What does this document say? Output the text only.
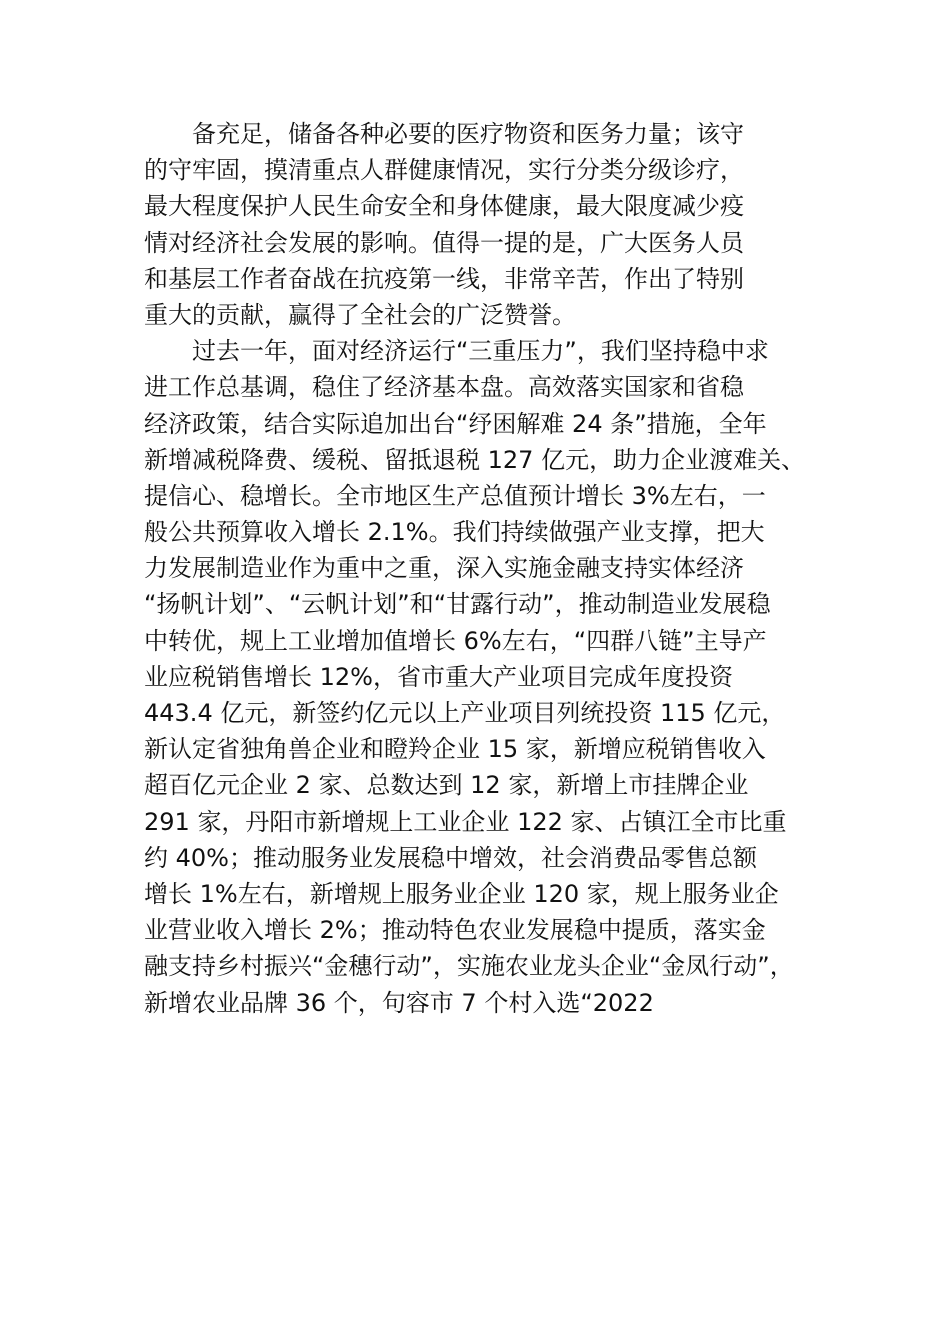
备充足，储备各种必要的医疗物资和医务力量；该守
的守牢固，摸清重点人群健康情况，实行分类分级诊疗，
最大程度保护人民生命安全和身体健康，最大限度减少疫
情对经济社会发展的影响。值得一提的是，广大医务人员
和基层工作者奋战在抗疫第一线，非常辛苦，作出了特别
重大的贡献，赢得了全社会的广泛赞誉。
过去一年，面对经济运行“三重压力”，我们坚持稳中求
进工作总基调，稳住了经济基本盘。高效落实国家和省稳
经济政策，结合实际追加出台“纾困解难 24 条”措施，全年
新增减税降费、缓税、留抵退税 127 亿元，助力企业渡难关、
提信心、稳增长。全市地区生产总值预计增长 3%左右，一
般公共预算收入增长 2.1%。我们持续做强产业支撑，把大
力发展制造业作为重中之重，深入实施金融支持实体经济
“扬帆计划”、“云帆计划”和“甘露行动”，推动制造业发展稳
中转优，规上工业增加值增长 6%左右，“四群八链”主导产
业应税销售增长 12%，省市重大产业项目完成年度投资
443.4 亿元，新签约亿元以上产业项目列统投资 115 亿元，
新认定省独角兽企业和瞪羚企业 15 家，新增应税销售收入
超百亿元企业 2 家、总数达到 12 家，新增上市挂牌企业
291 家，丹阳市新增规上工业企业 122 家、占镇江全市比重
约 40%；推动服务业发展稳中增效，社会消费品零售总额
增长 1%左右，新增规上服务业企业 120 家，规上服务业企
业营业收入增长 2%；推动特色农业发展稳中提质，落实金
融支持乡村振兴“金穗行动”，实施农业龙头企业“金凤行动”，
新增农业品牌 36 个，句容市 7 个村入选“2022
